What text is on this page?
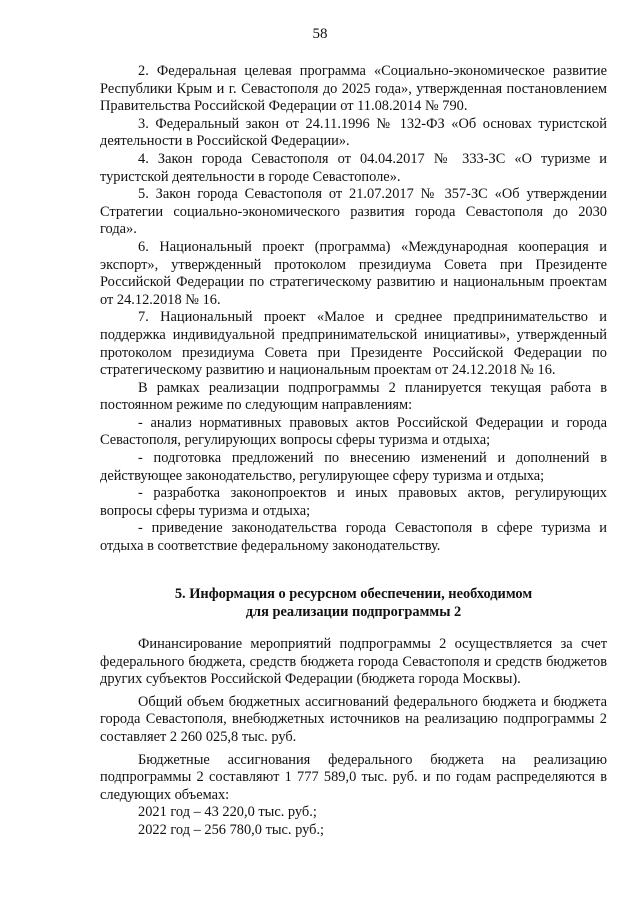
58

2. Федеральная целевая программа «Социально-экономическое развитие Республики Крым и г. Севастополя до 2025 года», утвержденная постановлением Правительства Российской Федерации от 11.08.2014 № 790.

3. Федеральный закон от 24.11.1996 № 132-ФЗ «Об основах туристской деятельности в Российской Федерации».

4. Закон города Севастополя от 04.04.2017 № 333-ЗС «О туризме и туристской деятельности в городе Севастополе».

5. Закон города Севастополя от 21.07.2017 № 357-ЗС «Об утверждении Стратегии социально-экономического развития города Севастополя до 2030 года».

6. Национальный проект (программа) «Международная кооперация и экспорт», утвержденный протоколом президиума Совета при Президенте Российской Федерации по стратегическому развитию и национальным проектам от 24.12.2018 № 16.

7. Национальный проект «Малое и среднее предпринимательство и поддержка индивидуальной предпринимательской инициативы», утвержденный протоколом президиума Совета при Президенте Российской Федерации по стратегическому развитию и национальным проектам от 24.12.2018 № 16.

В рамках реализации подпрограммы 2 планируется текущая работа в постоянном режиме по следующим направлениям:

- анализ нормативных правовых актов Российской Федерации и города Севастополя, регулирующих вопросы сферы туризма и отдыха;

- подготовка предложений по внесению изменений и дополнений в действующее законодательство, регулирующее сферу туризма и отдыха;

- разработка законопроектов и иных правовых актов, регулирующих вопросы сферы туризма и отдыха;

- приведение законодательства города Севастополя в сфере туризма и отдыха в соответствие федеральному законодательству.

5. Информация о ресурсном обеспечении, необходимом
для реализации подпрограммы 2

Финансирование мероприятий подпрограммы 2 осуществляется за счет федерального бюджета, средств бюджета города Севастополя и средств бюджетов других субъектов Российской Федерации (бюджета города Москвы).

Общий объем бюджетных ассигнований федерального бюджета и бюджета города Севастополя, внебюджетных источников на реализацию подпрограммы 2 составляет 2 260 025,8 тыс. руб.

Бюджетные ассигнования федерального бюджета на реализацию подпрограммы 2 составляют 1 777 589,0 тыс. руб. и по годам распределяются в следующих объемах:

2021 год – 43 220,0 тыс. руб.;

2022 год – 256 780,0 тыс. руб.;
